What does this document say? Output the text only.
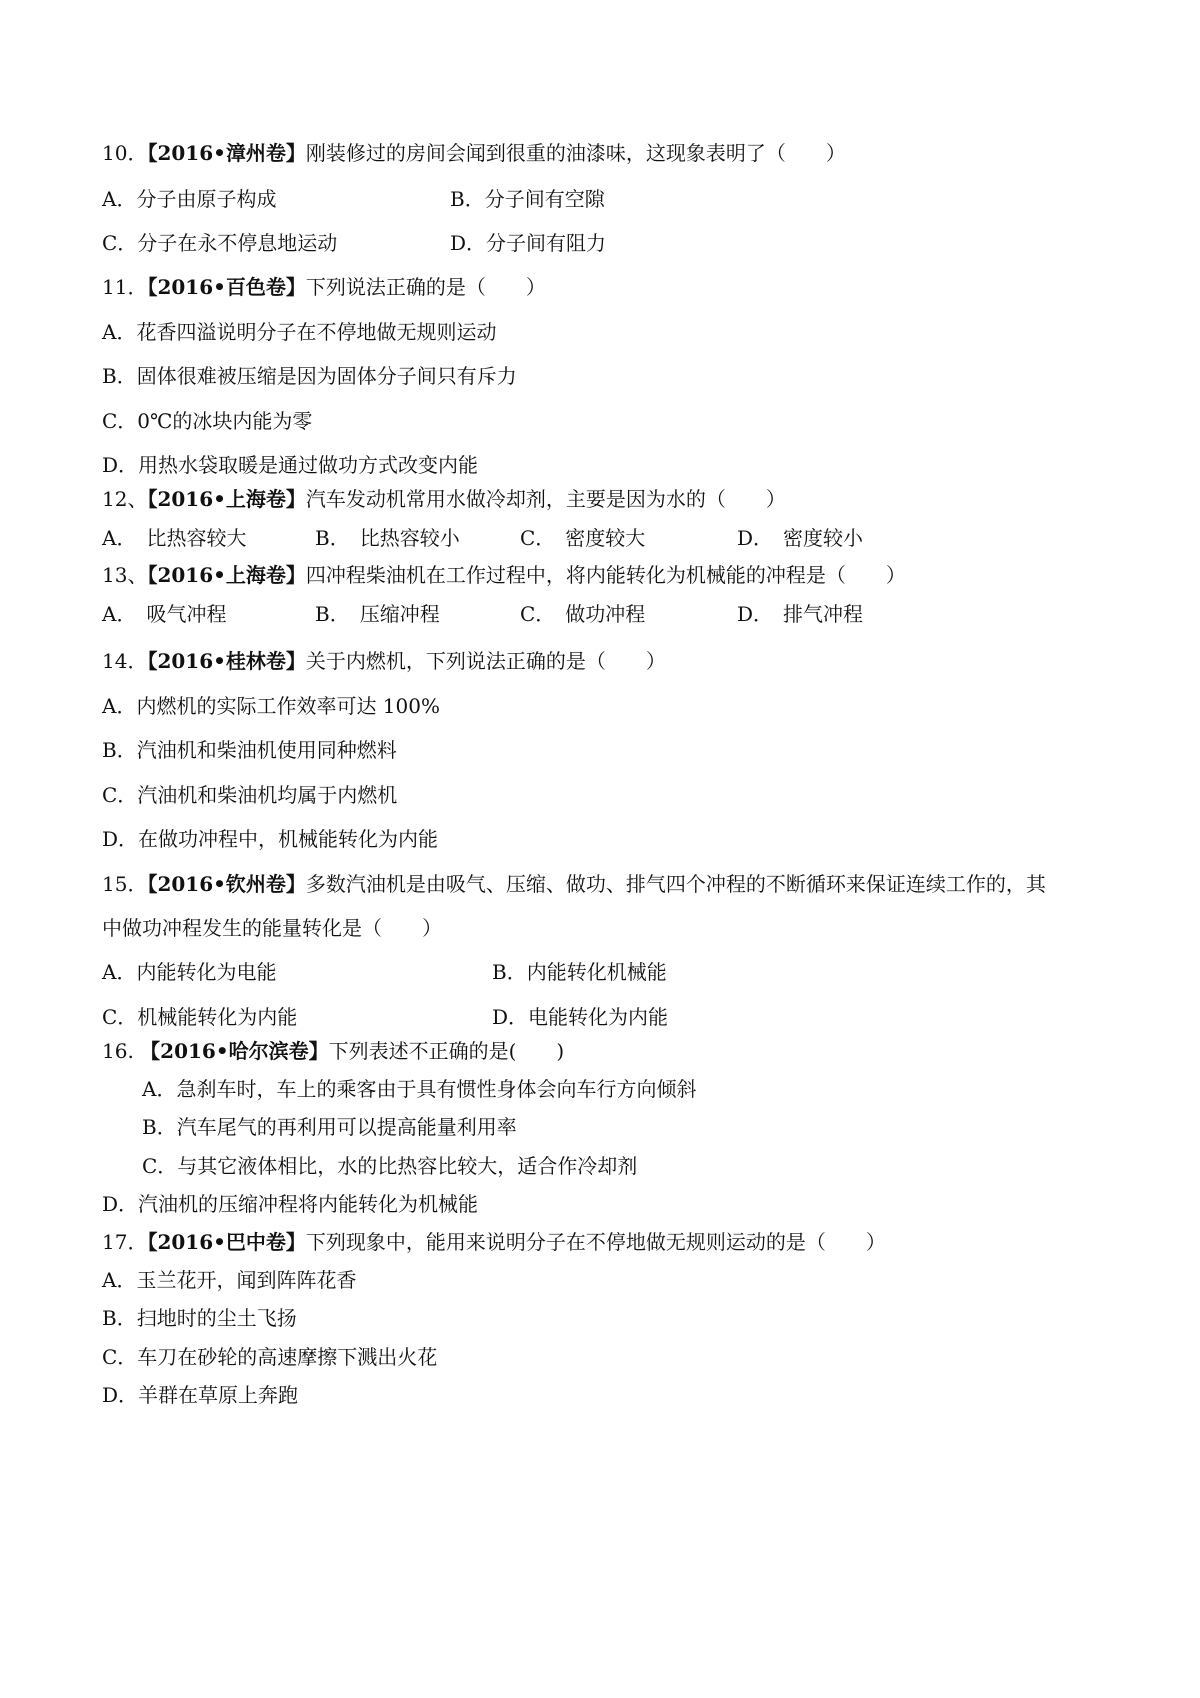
10．【2016•漳州卷】刚装修过的房间会闻到很重的油漆味，这现象表明了（　　）
A．分子由原子构成	B．分子间有空隙
C．分子在永不停息地运动	D．分子间有阻力
11．【2016•百色卷】下列说法正确的是（　　）
A．花香四溢说明分子在不停地做无规则运动
B．固体很难被压缩是因为固体分子间只有斥力
C．0℃的冰块内能为零
D．用热水袋取暖是通过做功方式改变内能
12、【2016•上海卷】汽车发动机常用水做冷却剂，主要是因为水的（　　）
A．　比热容较大	B．　比热容较小	C．　密度较大	D．　密度较小
13、【2016•上海卷】四冲程柴油机在工作过程中，将内能转化为机械能的冲程是（　　）
A．　吸气冲程	B．　压缩冲程	C．　做功冲程	D．　排气冲程
14．【2016•桂林卷】关于内燃机，下列说法正确的是（　　）
A．内燃机的实际工作效率可达 100%
B．汽油机和柴油机使用同种燃料
C．汽油机和柴油机均属于内燃机
D．在做功冲程中，机械能转化为内能
15．【2016•钦州卷】多数汽油机是由吸气、压缩、做功、排气四个冲程的不断循环来保证连续工作的，其
中做功冲程发生的能量转化是（　　）
A．内能转化为电能	B．内能转化机械能
C．机械能转化为内能	D．电能转化为内能
16. 【2016•哈尔滨卷】下列表述不正确的是(　　)
A．急刹车时，车上的乘客由于具有惯性身体会向车行方向倾斜
B．汽车尾气的再利用可以提高能量利用率
C．与其它液体相比，水的比热容比较大，适合作冷却剂
D．汽油机的压缩冲程将内能转化为机械能
17．【2016•巴中卷】下列现象中，能用来说明分子在不停地做无规则运动的是（　　）
A．玉兰花开，闻到阵阵花香
B．扫地时的尘土飞扬
C．车刀在砂轮的高速摩擦下溅出火花
D．羊群在草原上奔跑
